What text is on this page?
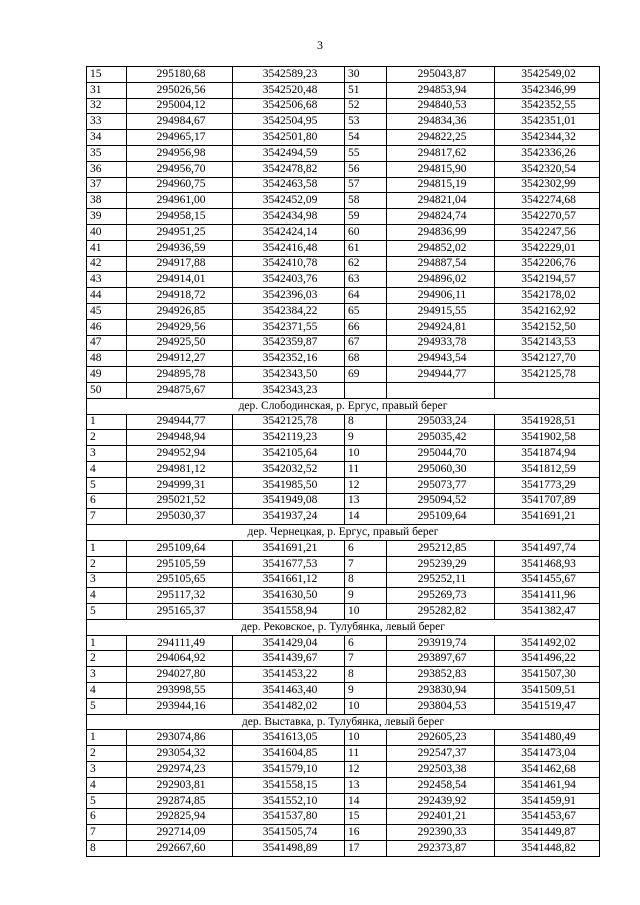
3
15	295180,68	3542589,23	30	295043,87	3542549,02
31	295026,56	3542520,48	51	294853,94	3542346,99
32	295004,12	3542506,68	52	294840,53	3542352,55
33	294984,67	3542504,95	53	294834,36	3542351,01
34	294965,17	3542501,80	54	294822,25	3542344,32
35	294956,98	3542494,59	55	294817,62	3542336,26
36	294956,70	3542478,82	56	294815,90	3542320,54
37	294960,75	3542463,58	57	294815,19	3542302,99
38	294961,00	3542452,09	58	294821,04	3542274,68
39	294958,15	3542434,98	59	294824,74	3542270,57
40	294951,25	3542424,14	60	294836,99	3542247,56
41	294936,59	3542416,48	61	294852,02	3542229,01
42	294917,88	3542410,78	62	294887,54	3542206,76
43	294914,01	3542403,76	63	294896,02	3542194,57
44	294918,72	3542396,03	64	294906,11	3542178,02
45	294926,85	3542384,22	65	294915,55	3542162,92
46	294929,56	3542371,55	66	294924,81	3542152,50
47	294925,50	3542359,87	67	294933,78	3542143,53
48	294912,27	3542352,16	68	294943,54	3542127,70
49	294895,78	3542343,50	69	294944,77	3542125,78
50	294875,67	3542343,23			
дер. Слободинская, р. Ергус, правый берег					
1	294944,77	3542125,78	8	295033,24	3541928,51
2	294948,94	3542119,23	9	295035,42	3541902,58
3	294952,94	3542105,64	10	295044,70	3541874,94
4	294981,12	3542032,52	11	295060,30	3541812,59
5	294999,31	3541985,50	12	295073,77	3541773,29
6	295021,52	3541949,08	13	295094,52	3541707,89
7	295030,37	3541937,24	14	295109,64	3541691,21
дер. Чернецкая, р. Ергус, правый берег					
1	295109,64	3541691,21	6	295212,85	3541497,74
2	295105,59	3541677,53	7	295239,29	3541468,93
3	295105,65	3541661,12	8	295252,11	3541455,67
4	295117,32	3541630,50	9	295269,73	3541411,96
5	295165,37	3541558,94	10	295282,82	3541382,47
дер. Рековское, р. Тулубянка, левый берег					
1	294111,49	3541429,04	6	293919,74	3541492,02
2	294064,92	3541439,67	7	293897,67	3541496,22
3	294027,80	3541453,22	8	293852,83	3541507,30
4	293998,55	3541463,40	9	293830,94	3541509,51
5	293944,16	3541482,02	10	293804,53	3541519,47
дер. Выставка, р. Тулубянка, левый берег					
1	293074,86	3541613,05	10	292605,23	3541480,49
2	293054,32	3541604,85	11	292547,37	3541473,04
3	292974,23	3541579,10	12	292503,38	3541462,68
4	292903,81	3541558,15	13	292458,54	3541461,94
5	292874,85	3541552,10	14	292439,92	3541459,91
6	292825,94	3541537,80	15	292401,21	3541453,67
7	292714,09	3541505,74	16	292390,33	3541449,87
8	292667,60	3541498,89	17	292373,87	3541448,82
